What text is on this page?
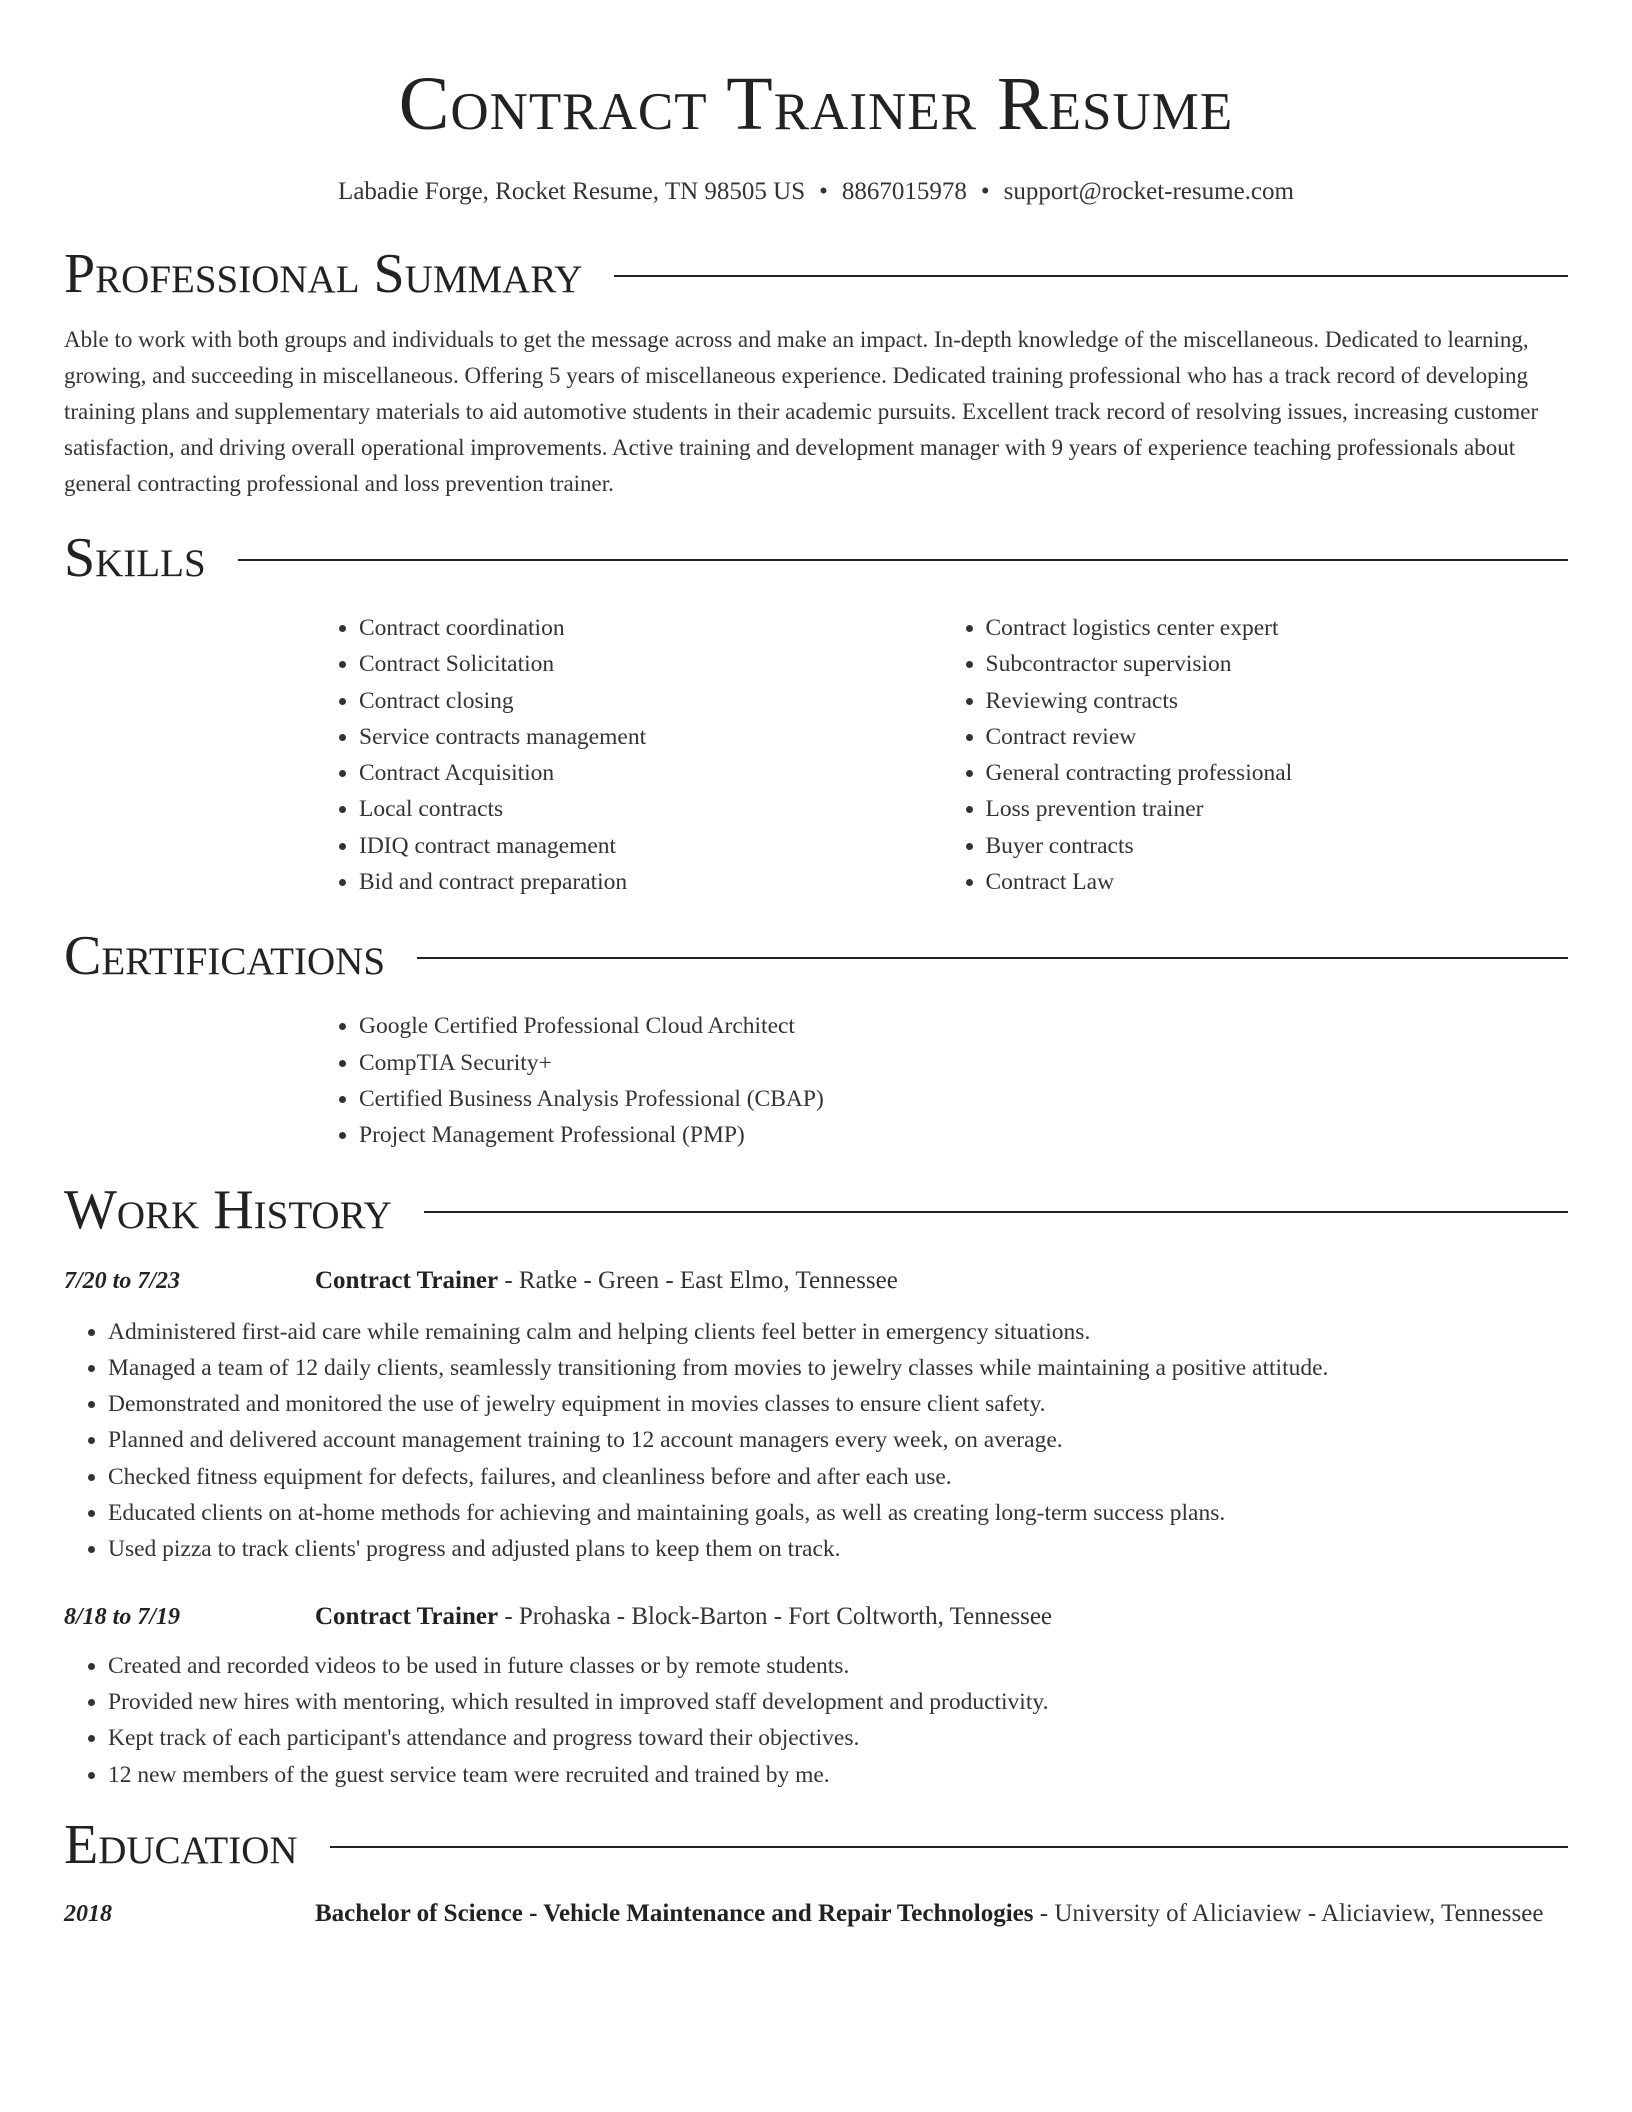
Contract Trainer Resume
Labadie Forge, Rocket Resume, TN 98505 US • 8867015978 • support@rocket-resume.com
Professional Summary

Able to work with both groups and individuals to get the message across and make an impact. In-depth knowledge of the miscellaneous. Dedicated to learning, growing, and succeeding in miscellaneous. Offering 5 years of miscellaneous experience. Dedicated training professional who has a track record of developing training plans and supplementary materials to aid automotive students in their academic pursuits. Excellent track record of resolving issues, increasing customer satisfaction, and driving overall operational improvements. Active training and development manager with 9 years of experience teaching professionals about general contracting professional and loss prevention trainer.

Skills
• Contract coordination
• Contract Solicitation
• Contract closing
• Service contracts management
• Contract Acquisition
• Local contracts
• IDIQ contract management
• Bid and contract preparation
• Contract logistics center expert
• Subcontractor supervision
• Reviewing contracts
• Contract review
• General contracting professional
• Loss prevention trainer
• Buyer contracts
• Contract Law
Certifications
• Google Certified Professional Cloud Architect
• CompTIA Security+
• Certified Business Analysis Professional (CBAP)
• Project Management Professional (PMP)
Work History
7/20 to 7/23	Contract Trainer - Ratke - Green - East Elmo, Tennessee
• Administered first-aid care while remaining calm and helping clients feel better in emergency situations.
• Managed a team of 12 daily clients, seamlessly transitioning from movies to jewelry classes while maintaining a positive attitude.
• Demonstrated and monitored the use of jewelry equipment in movies classes to ensure client safety.
• Planned and delivered account management training to 12 account managers every week, on average.
• Checked fitness equipment for defects, failures, and cleanliness before and after each use.
• Educated clients on at-home methods for achieving and maintaining goals, as well as creating long-term success plans.
• Used pizza to track clients' progress and adjusted plans to keep them on track.
8/18 to 7/19	Contract Trainer - Prohaska - Block-Barton - Fort Coltworth, Tennessee
• Created and recorded videos to be used in future classes or by remote students.
• Provided new hires with mentoring, which resulted in improved staff development and productivity.
• Kept track of each participant's attendance and progress toward their objectives.
• 12 new members of the guest service team were recruited and trained by me.
Education
2018	Bachelor of Science - Vehicle Maintenance and Repair Technologies - University of Aliciaview - Aliciaview, Tennessee
